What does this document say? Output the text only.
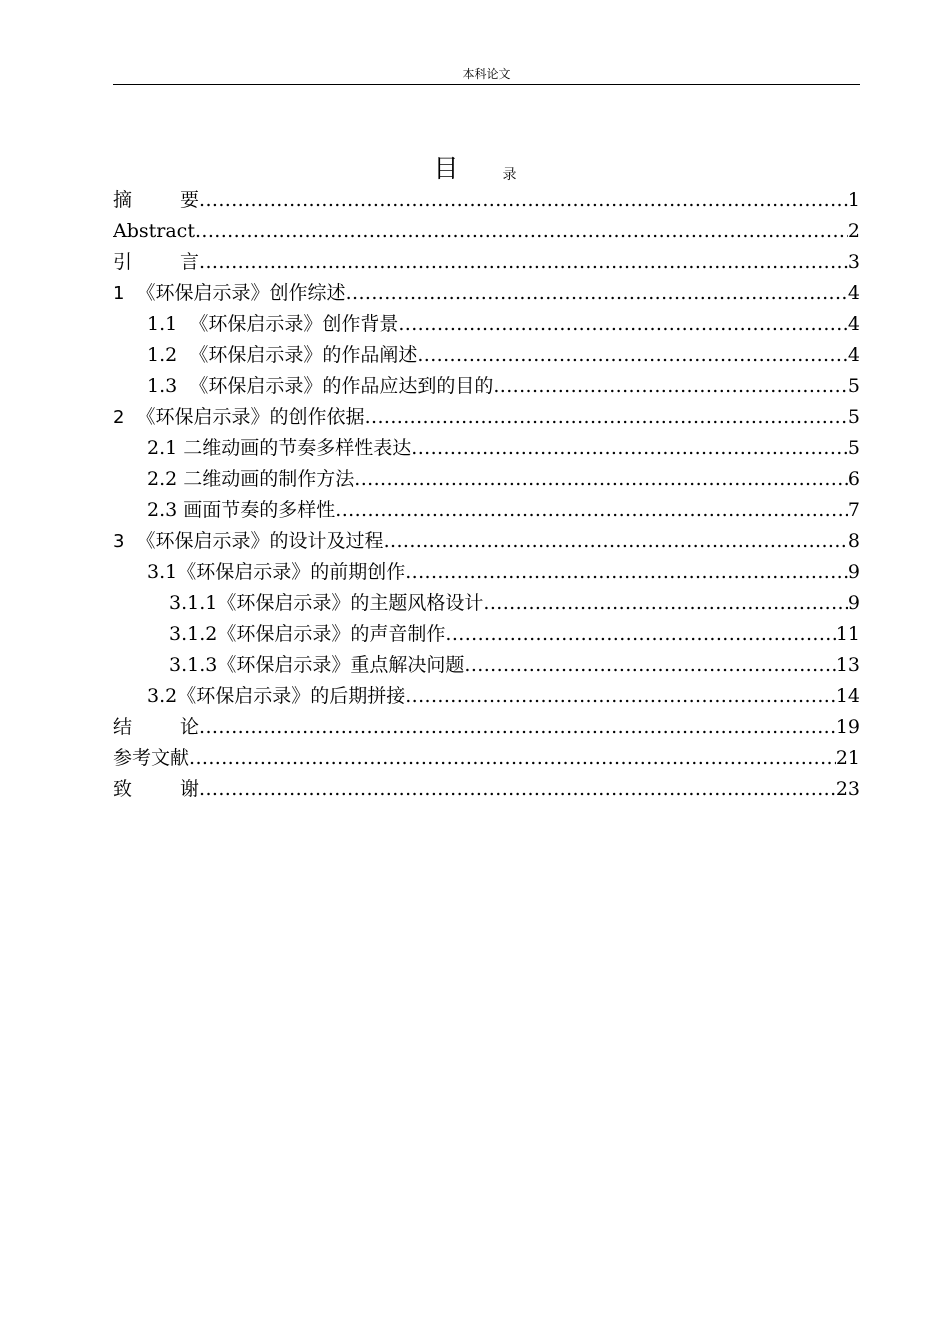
本科论文
目	录
摘要 .....	1
Abstract .....	2
引言 .....	3
1 《环保启示录》创作综述 .....	4
1.1 《环保启示录》创作背景 .....	4
1.2 《环保启示录》的作品阐述 .....	4
1.3 《环保启示录》的作品应达到的目的 .....	5
2 《环保启示录》的创作依据 .....	5
2.1 二维动画的节奏多样性表达 .....	5
2.2 二维动画的制作方法 .....	6
2.3 画面节奏的多样性 .....	7
3 《环保启示录》的设计及过程 .....	8
3.1《环保启示录》的前期创作 .....	9
3.1.1《环保启示录》的主题风格设计 .....	9
3.1.2《环保启示录》的声音制作 .....	11
3.1.3《环保启示录》重点解决问题 .....	13
3.2《环保启示录》的后期拼接 .....	14
结论 .....	19
参考文献 .....	21
致谢 .....	23
